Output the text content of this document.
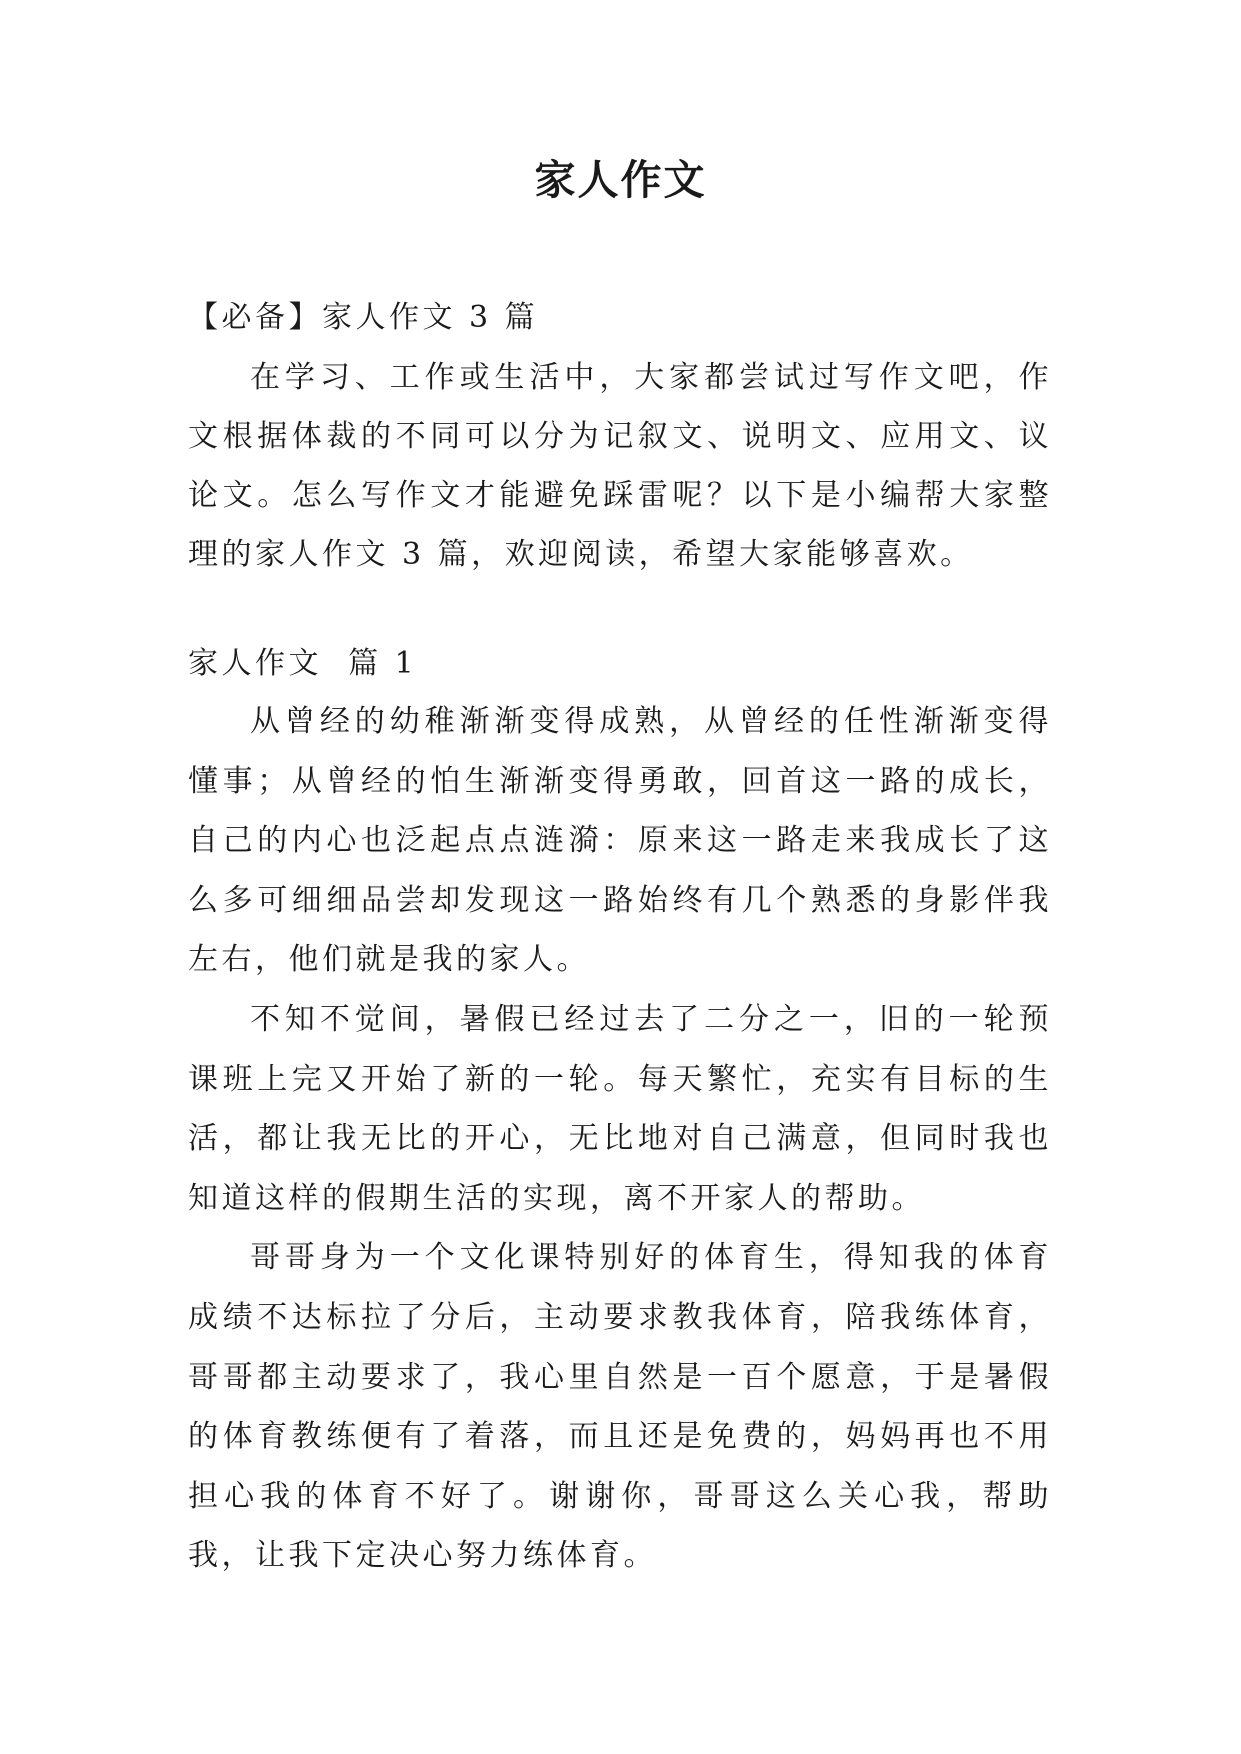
家人作文

【必备】家人作文 3 篇

在学习、工作或生活中，大家都尝试过写作文吧，作文根据体裁的不同可以分为记叙文、说明文、应用文、议论文。怎么写作文才能避免踩雷呢？以下是小编帮大家整理的家人作文 3 篇，欢迎阅读，希望大家能够喜欢。

家人作文  篇 1

从曾经的幼稚渐渐变得成熟，从曾经的任性渐渐变得懂事；从曾经的怕生渐渐变得勇敢，回首这一路的成长，自己的内心也泛起点点涟漪：原来这一路走来我成长了这么多可细细品尝却发现这一路始终有几个熟悉的身影伴我左右，他们就是我的家人。

不知不觉间，暑假已经过去了二分之一，旧的一轮预课班上完又开始了新的一轮。每天繁忙，充实有目标的生活，都让我无比的开心，无比地对自己满意，但同时我也知道这样的假期生活的实现，离不开家人的帮助。

哥哥身为一个文化课特别好的体育生，得知我的体育成绩不达标拉了分后，主动要求教我体育，陪我练体育，哥哥都主动要求了，我心里自然是一百个愿意，于是暑假的体育教练便有了着落，而且还是免费的，妈妈再也不用担心我的体育不好了。谢谢你，哥哥这么关心我，帮助我，让我下定决心努力练体育。
